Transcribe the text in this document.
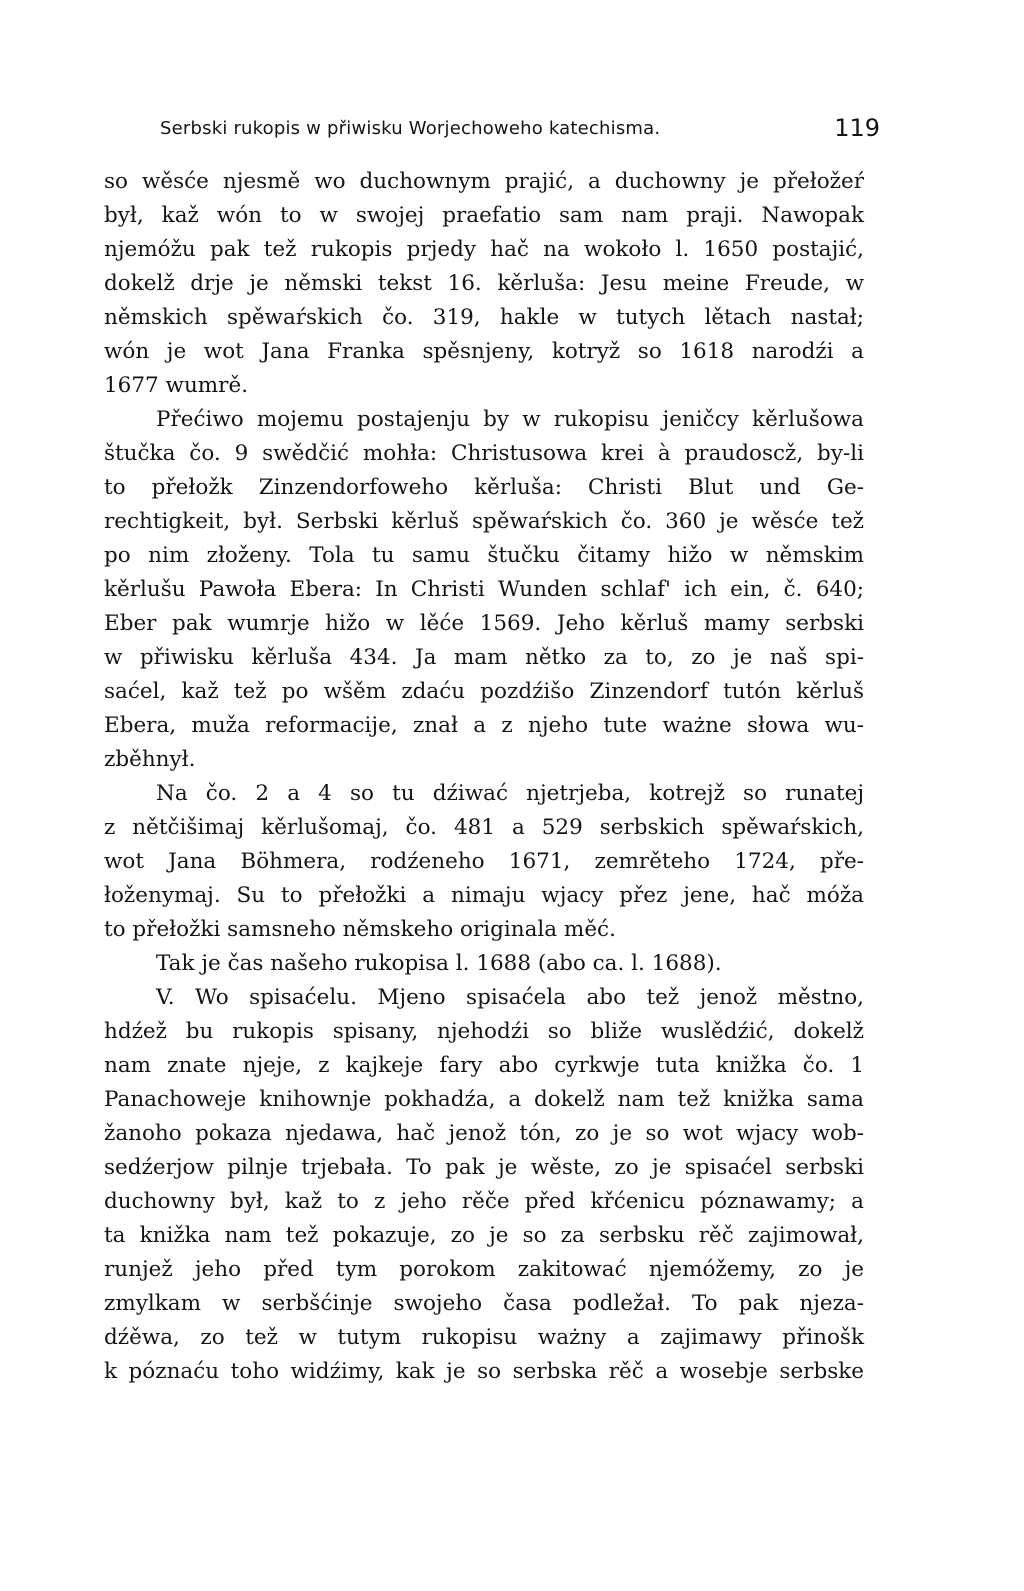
Serbski rukopis w přiwisku Worjechoweho katechisma.	119
so wěsće njesmě wo duchownym prajić, a duchowny je přełožeŕ
był, kaž wón to w swojej praefatio sam nam praji. Nawopak
njemóžu pak tež rukopis prjedy hač na wokoło l. 1650 postajić,
dokelž drje je němski tekst 16. kěrluša: Jesu meine Freude, w
němskich spěwaŕskich čo. 319, hakle w tutych lětach nastał;
wón je wot Jana Franka spěsnjeny, kotryž so 1618 narodźi a
1677 wumrě.
Přećiwo mojemu postajenju by w rukopisu jeničcy kěrlušowa
štučka čo. 9 swědčić mohła: Christusowa krei à praudoscž, by-li
to přełožk Zinzendorfoweho kěrluša: Christi Blut und Ge-
rechtigkeit, był. Serbski kěrluš spěwaŕskich čo. 360 je wěsće tež
po nim złoženy. Tola tu samu štučku čitamy hižo w němskim
kěrlušu Pawoła Ebera: In Christi Wunden schlaf' ich ein, č. 640;
Eber pak wumrje hižo w lěće 1569. Jeho kěrluš mamy serbski
w přiwisku kěrluša 434. Ja mam nětko za to, zo je naš spi-
saćel, kaž tež po wšěm zdaću pozdźišo Zinzendorf tutón kěrluš
Ebera, muža reformacije, znał a z njeho tute ważne słowa wu-
zběhnył.
Na čo. 2 a 4 so tu dźiwać njetrjeba, kotrejž so runatej
z nětčišimaj kěrlušomaj, čo. 481 a 529 serbskich spěwaŕskich,
wot Jana Böhmera, rodźeneho 1671, zemrěteho 1724, pře-
łoženymaj. Su to přełožki a nimaju wjacy přez jene, hač móža
to přełožki samsneho němskeho originala měć.
Tak je čas našeho rukopisa l. 1688 (abo ca. l. 1688).
V. Wo spisaćelu. Mjeno spisaćela abo tež jenož městno,
hdźež bu rukopis spisany, njehodźi so bliže wuslědźić, dokelž
nam znate njeje, z kajkeje fary abo cyrkwje tuta knižka čo. 1
Panachoweje knihownje pokhadźa, a dokelž nam tež knižka sama
žanoho pokaza njedawa, hač jenož tón, zo je so wot wjacy wob-
sedźerjow pilnje trjebała. To pak je wěste, zo je spisaćel serbski
duchowny był, kaž to z jeho rěče před křćenicu póznawamy; a
ta knižka nam tež pokazuje, zo je so za serbsku rěč zajimował,
runjež jeho před tym porokom zakitować njemóžemy, zo je
zmylkam w serbšćinje swojeho časa podležał. To pak njeza-
dźěwa, zo tež w tutym rukopisu ważny a zajimawy přinošk
k póznaću toho widźimy, kak je so serbska rěč a wosebje serbske
